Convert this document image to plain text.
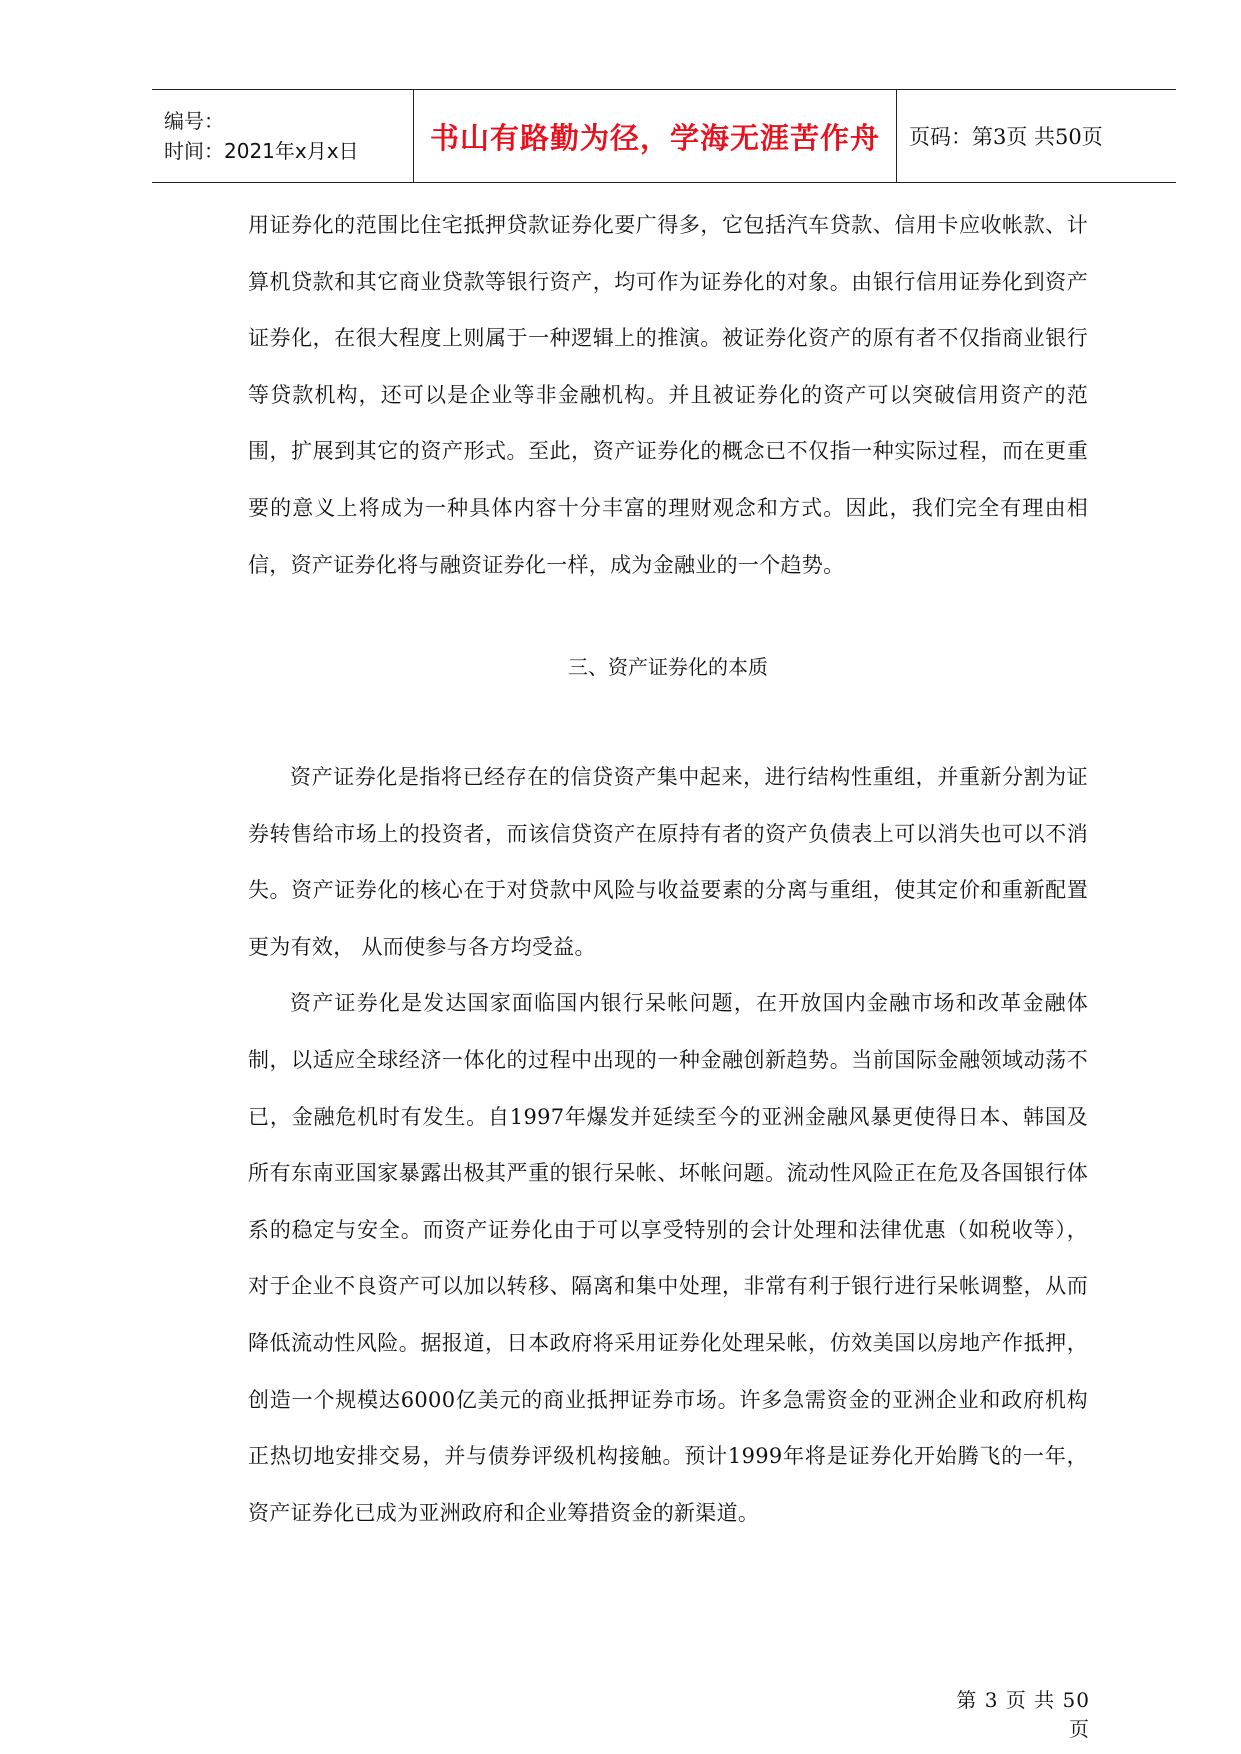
编号：
时间：2021年x月x日	书山有路勤为径，学海无涯苦作舟 页码：第3页 共50页

用证券化的范围比住宅抵押贷款证券化要广得多，它包括汽车贷款、信用卡应收帐款、计算机贷款和其它商业贷款等银行资产，均可作为证券化的对象。由银行信用证券化到资产证券化，在很大程度上则属于一种逻辑上的推演。被证券化资产的原有者不仅指商业银行等贷款机构，还可以是企业等非金融机构。并且被证券化的资产可以突破信用资产的范围，扩展到其它的资产形式。至此，资产证券化的概念已不仅指一种实际过程，而在更重要的意义上将成为一种具体内容十分丰富的理财观念和方式。因此，我们完全有理由相信，资产证券化将与融资证券化一样，成为金融业的一个趋势。

三、资产证券化的本质

资产证券化是指将已经存在的信贷资产集中起来，进行结构性重组，并重新分割为证券转售给市场上的投资者，而该信贷资产在原持有者的资产负债表上可以消失也可以不消失。资产证券化的核心在于对贷款中风险与收益要素的分离与重组，使其定价和重新配置更为有效， 从而使参与各方均受益。

资产证券化是发达国家面临国内银行呆帐问题，在开放国内金融市场和改革金融体制，以适应全球经济一体化的过程中出现的一种金融创新趋势。当前国际金融领域动荡不已，金融危机时有发生。自1997年爆发并延续至今的亚洲金融风暴更使得日本、韩国及所有东南亚国家暴露出极其严重的银行呆帐、坏帐问题。流动性风险正在危及各国银行体系的稳定与安全。而资产证券化由于可以享受特别的会计处理和法律优惠（如税收等），对于企业不良资产可以加以转移、隔离和集中处理，非常有利于银行进行呆帐调整，从而降低流动性风险。据报道，日本政府将采用证券化处理呆帐，仿效美国以房地产作抵押，创造一个规模达6000亿美元的商业抵押证券市场。许多急需资金的亚洲企业和政府机构正热切地安排交易，并与债券评级机构接触。预计1999年将是证券化开始腾飞的一年，资产证券化已成为亚洲政府和企业筹措资金的新渠道。

第 3 页 共 50 页
